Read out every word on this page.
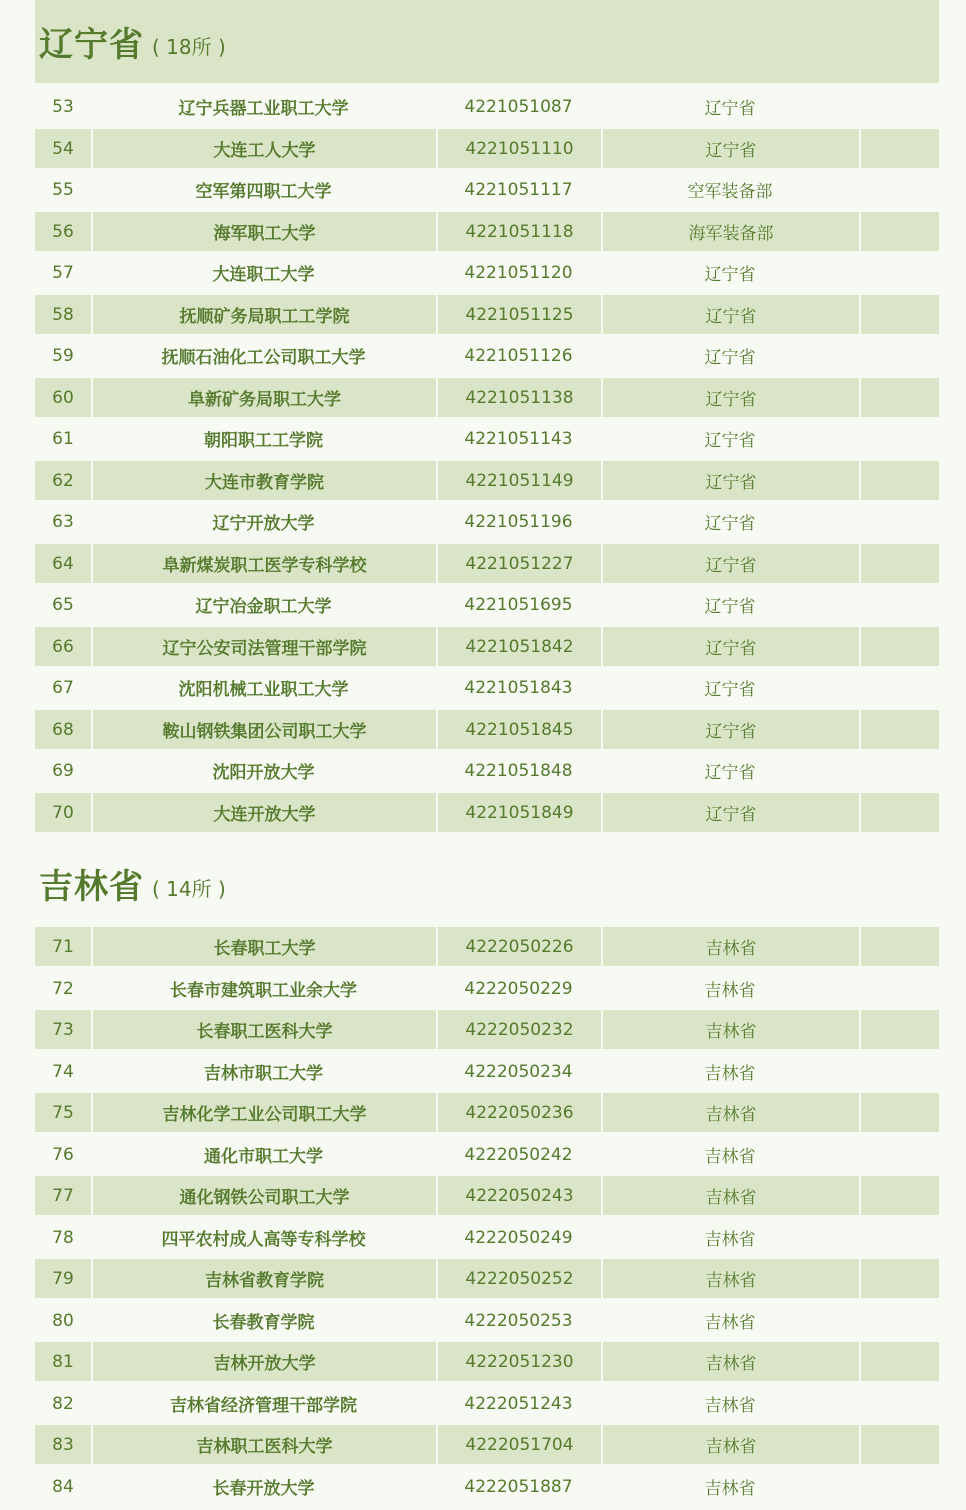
辽宁省 ( 18所 )
53	辽宁兵器工业职工大学	4221051087	辽宁省
54	大连工人大学	4221051110	辽宁省
55	空军第四职工大学	4221051117	空军装备部
56	海军职工大学	4221051118	海军装备部
57	大连职工大学	4221051120	辽宁省
58	抚顺矿务局职工工学院	4221051125	辽宁省
59	抚顺石油化工公司职工大学	4221051126	辽宁省
60	阜新矿务局职工大学	4221051138	辽宁省
61	朝阳职工工学院	4221051143	辽宁省
62	大连市教育学院	4221051149	辽宁省
63	辽宁开放大学	4221051196	辽宁省
64	阜新煤炭职工医学专科学校	4221051227	辽宁省
65	辽宁冶金职工大学	4221051695	辽宁省
66	辽宁公安司法管理干部学院	4221051842	辽宁省
67	沈阳机械工业职工大学	4221051843	辽宁省
68	鞍山钢铁集团公司职工大学	4221051845	辽宁省
69	沈阳开放大学	4221051848	辽宁省
70	大连开放大学	4221051849	辽宁省
吉林省 ( 14所 )
71	长春职工大学	4222050226	吉林省
72	长春市建筑职工业余大学	4222050229	吉林省
73	长春职工医科大学	4222050232	吉林省
74	吉林市职工大学	4222050234	吉林省
75	吉林化学工业公司职工大学	4222050236	吉林省
76	通化市职工大学	4222050242	吉林省
77	通化钢铁公司职工大学	4222050243	吉林省
78	四平农村成人高等专科学校	4222050249	吉林省
79	吉林省教育学院	4222050252	吉林省
80	长春教育学院	4222050253	吉林省
81	吉林开放大学	4222051230	吉林省
82	吉林省经济管理干部学院	4222051243	吉林省
83	吉林职工医科大学	4222051704	吉林省
84	长春开放大学	4222051887	吉林省
